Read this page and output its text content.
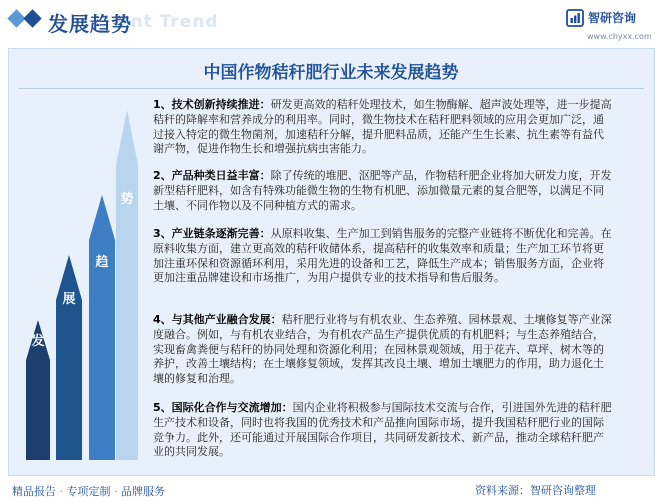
ent Trend
发展趋势	智研咨询
www.chyxx.com
中国作物秸秆肥行业未来发展趋势
发
展
趋
势
1、技术创新持续推进：研发更高效的秸秆处理技术，如生物酶解、超声波处理等，进一步提高秸秆的降解率和营养成分的利用率。同时，微生物技术在秸秆肥料领域的应用会更加广泛，通过接入特定的微生物菌剂，加速秸秆分解，提升肥料品质，还能产生生长素、抗生素等有益代谢产物，促进作物生长和增强抗病虫害能力。
2、产品种类日益丰富：除了传统的堆肥、沤肥等产品，作物秸秆肥企业将加大研发力度，开发新型秸秆肥料，如含有特殊功能微生物的生物有机肥、添加微量元素的复合肥等，以满足不同土壤、不同作物以及不同种植方式的需求。
3、产业链条逐渐完善：从原料收集、生产加工到销售服务的完整产业链将不断优化和完善。在原料收集方面，建立更高效的秸秆收储体系，提高秸秆的收集效率和质量；生产加工环节将更加注重环保和资源循环利用，采用先进的设备和工艺，降低生产成本；销售服务方面，企业将更加注重品牌建设和市场推广，为用户提供专业的技术指导和售后服务。
4、与其他产业融合发展：秸秆肥行业将与有机农业、生态养殖、园林景观、土壤修复等产业深度融合。例如，与有机农业结合，为有机农产品生产提供优质的有机肥料；与生态养殖结合，实现畜禽粪便与秸秆的协同处理和资源化利用；在园林景观领域，用于花卉、草坪、树木等的养护，改善土壤结构；在土壤修复领域，发挥其改良土壤、增加土壤肥力的作用，助力退化土壤的修复和治理。
5、国际化合作与交流增加：国内企业将积极参与国际技术交流与合作，引进国外先进的秸秆肥生产技术和设备，同时也将我国的优秀技术和产品推向国际市场，提升我国秸秆肥行业的国际竞争力。此外，还可能通过开展国际合作项目，共同研发新技术、新产品，推动全球秸秆肥产业的共同发展。
精品报告 · 专项定制 · 品牌服务	资料来源：智研咨询整理
